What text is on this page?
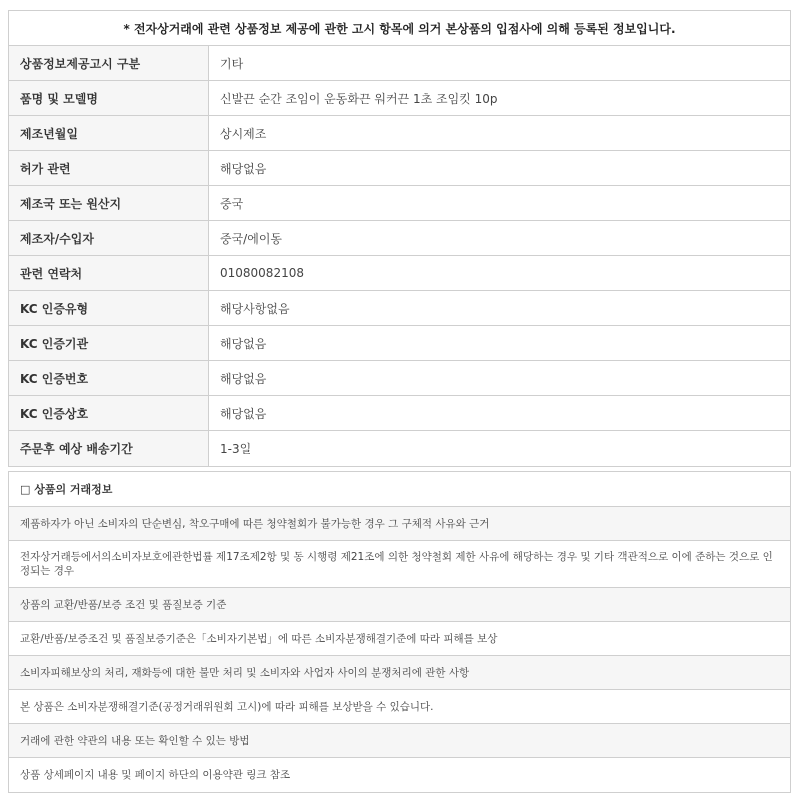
* 전자상거래에 관련 상품정보 제공에 관한 고시 항목에 의거 본상품의 입점사에 의해 등록된 정보입니다.
상품정보제공고시 구분	기타
품명 및 모델명	신발끈 순간 조임이 운동화끈 워커끈 1초 조임킷 10p
제조년월일	상시제조
허가 관련	해당없음
제조국 또는 원산지	중국
제조자/수입자	중국/에이동
관련 연락처	01080082108
KC 인증유형	해당사항없음
KC 인증기관	해당없음
KC 인증번호	해당없음
KC 인증상호	해당없음
주문후 예상 배송기간	1-3일
□ 상품의 거래정보
제품하자가 아닌 소비자의 단순변심, 착오구매에 따른 청약철회가 불가능한 경우 그 구체적 사유와 근거
전자상거래등에서의소비자보호에관한법률 제17조제2항 및 동 시행령 제21조에 의한 청약철회 제한 사유에 해당하는 경우 및 기타 객관적으로 이에 준하는 것으로 인정되는 경우
상품의 교환/반품/보증 조건 및 품질보증 기준
교환/반품/보증조건 및 품질보증기준은「소비자기본법」에 따른 소비자분쟁해결기준에 따라 피해를 보상
소비자피해보상의 처리, 재화등에 대한 불만 처리 및 소비자와 사업자 사이의 분쟁처리에 관한 사항
본 상품은 소비자분쟁해결기준(공정거래위원회 고시)에 따라 피해를 보상받을 수 있습니다.
거래에 관한 약관의 내용 또는 확인할 수 있는 방법
상품 상세페이지 내용 및 페이지 하단의 이용약관 링크 참조
